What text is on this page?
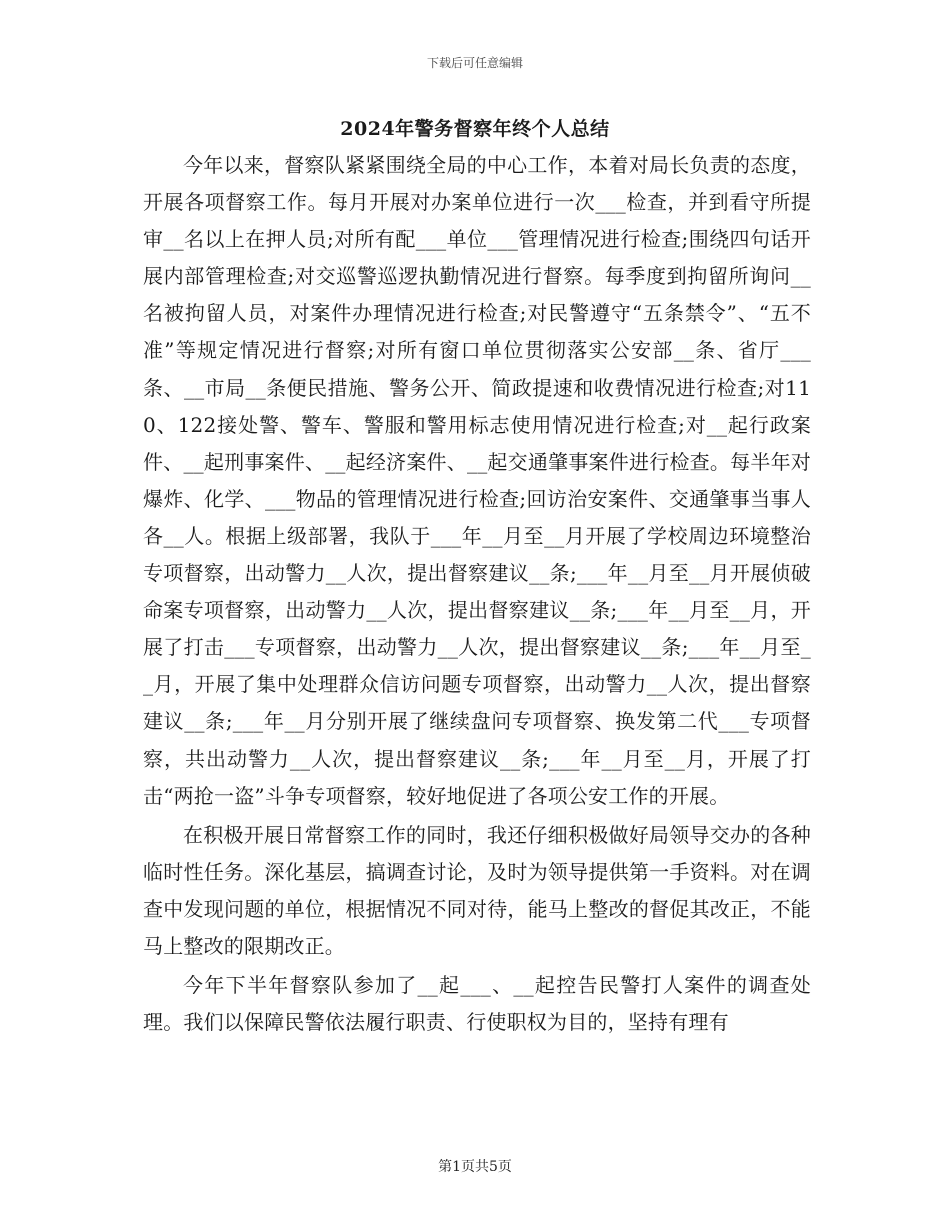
下载后可任意编辑
2024年警务督察年终个人总结

今年以来，督察队紧紧围绕全局的中心工作，本着对局长负责的态度，开展各项督察工作。每月开展对办案单位进行一次___检查，并到看守所提审__名以上在押人员;对所有配___单位___管理情况进行检查;围绕四句话开展内部管理检查;对交巡警巡逻执勤情况进行督察。每季度到拘留所询问__名被拘留人员，对案件办理情况进行检查;对民警遵守“五条禁令”、“五不准”等规定情况进行督察;对所有窗口单位贯彻落实公安部__条、省厅___条、__市局__条便民措施、警务公开、简政提速和收费情况进行检查;对110、122接处警、警车、警服和警用标志使用情况进行检查;对__起行政案件、__起刑事案件、__起经济案件、__起交通肇事案件进行检查。每半年对爆炸、化学、___物品的管理情况进行检查;回访治安案件、交通肇事当事人各__人。根据上级部署，我队于___年__月至__月开展了学校周边环境整治专项督察，出动警力__人次，提出督察建议__条;___年__月至__月开展侦破命案专项督察，出动警力__人次，提出督察建议__条;___年__月至__月，开展了打击___专项督察，出动警力__人次，提出督察建议__条;___年__月至__月，开展了集中处理群众信访问题专项督察，出动警力__人次，提出督察建议__条;___年__月分别开展了继续盘问专项督察、换发第二代___专项督察，共出动警力__人次，提出督察建议__条;___年__月至__月，开展了打击“两抢一盗”斗争专项督察，较好地促进了各项公安工作的开展。

在积极开展日常督察工作的同时，我还仔细积极做好局领导交办的各种临时性任务。深化基层，搞调查讨论，及时为领导提供第一手资料。对在调查中发现问题的单位，根据情况不同对待，能马上整改的督促其改正，不能马上整改的限期改正。

今年下半年督察队参加了__起___、__起控告民警打人案件的调查处理。我们以保障民警依法履行职责、行使职权为目的，坚持有理有

第1页共5页
